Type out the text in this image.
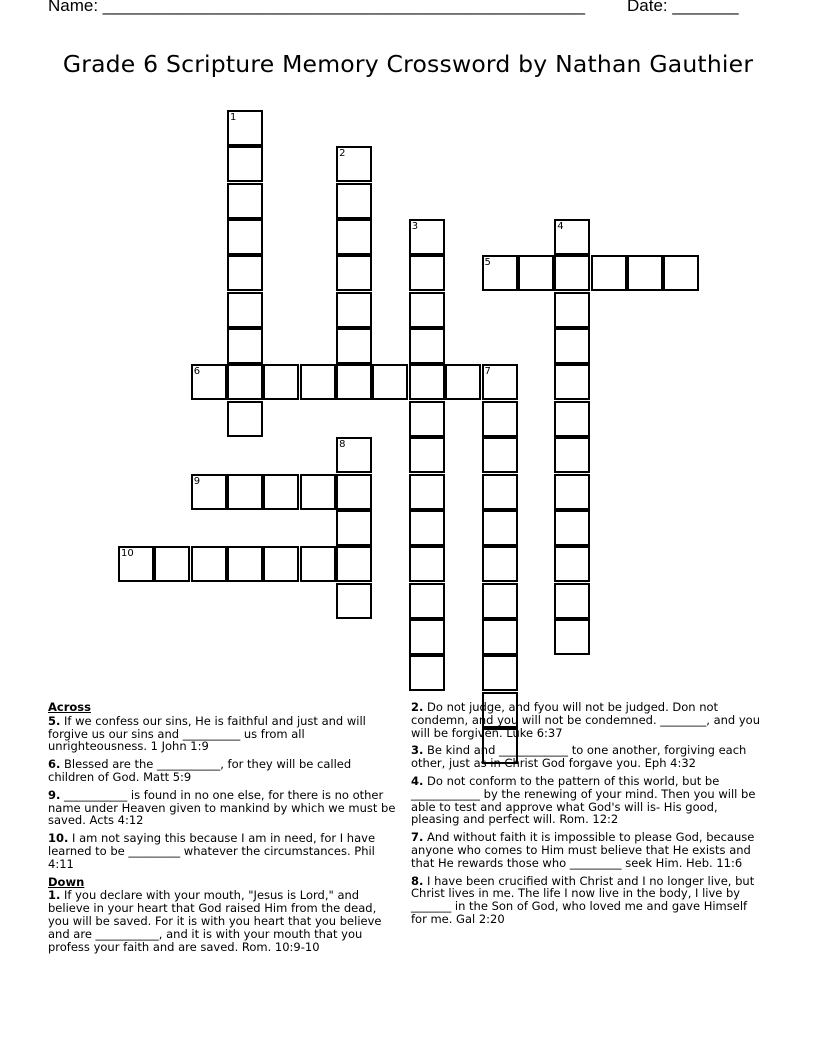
Name: ___________________________________________________ Date: _______
Grade 6 Scripture Memory Crossword by Nathan Gauthier
1
2
3	4
5
6	7
8
9
10
Across
5. If we confess our sins, He is faithful and just and will forgive us our sins and __________ us from all unrighteousness. 1 John 1:9
6. Blessed are the ___________, for they will be called children of God. Matt 5:9
9. ___________ is found in no one else, for there is no other name under Heaven given to mankind by which we must be saved. Acts 4:12
10. I am not saying this because I am in need, for I have learned to be _________ whatever the circumstances. Phil 4:11
Down
1. If you declare with your mouth, "Jesus is Lord," and believe in your heart that God raised Him from the dead, you will be saved. For it is with you heart that you believe and are ___________, and it is with your mouth that you profess your faith and are saved. Rom. 10:9-10
2. Do not judge, and fyou will not be judged. Don not condemn, and you will not be condemned. ________, and you will be forgiven. Luke 6:37
3. Be kind and ____________ to one another, forgiving each other, just as in Christ God forgave you. Eph 4:32
4. Do not conform to the pattern of this world, but be ____________ by the renewing of your mind. Then you will be able to test and approve what God's will is- His good, pleasing and perfect will. Rom. 12:2
7. And without faith it is impossible to please God, because anyone who comes to Him must believe that He exists and that He rewards those who _________ seek Him. Heb. 11:6
8. I have been crucified with Christ and I no longer live, but Christ lives in me. The life I now live in the body, I live by _______ in the Son of God, who loved me and gave Himself for me. Gal 2:20
